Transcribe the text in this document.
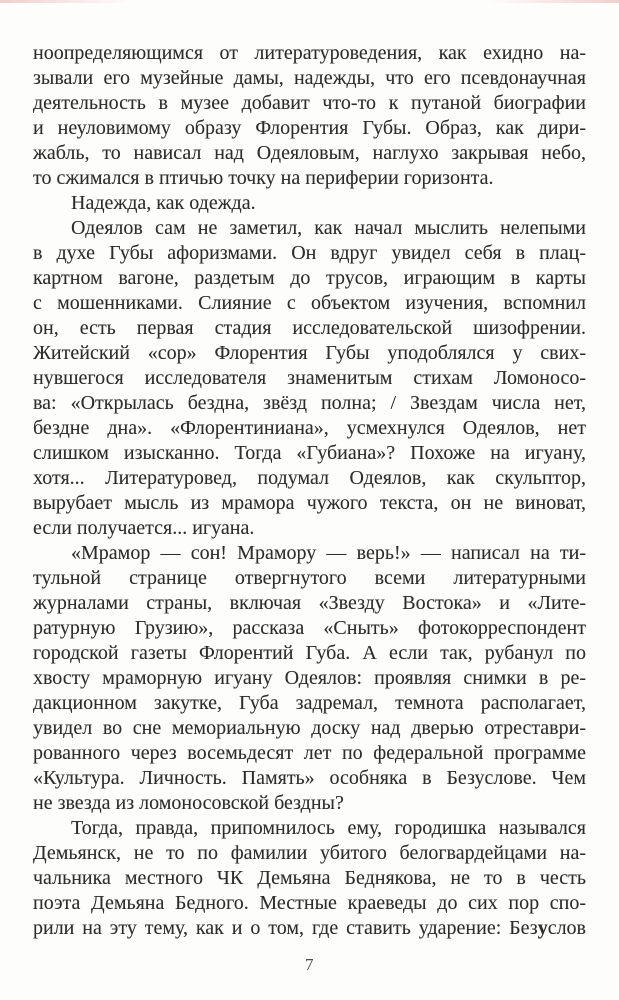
ноопределяющимся от литературоведения, как ехидно на-
зывали его музейные дамы, надежды, что его псевдонаучная
деятельность в музее добавит что-то к путаной биографии
и неуловимому образу Флорентия Губы. Образ, как дири-
жабль, то нависал над Одеяловым, наглухо закрывая небо,
то сжимался в птичью точку на периферии горизонта.
Надежда, как одежда.
Одеялов сам не заметил, как начал мыслить нелепыми
в духе Губы афоризмами. Он вдруг увидел себя в плац-
картном вагоне, раздетым до трусов, играющим в карты
с мошенниками. Слияние с объектом изучения, вспомнил
он, есть первая стадия исследовательской шизофрении.
Житейский «сор» Флорентия Губы уподоблялся у свих-
нувшегося исследователя знаменитым стихам Ломоносо-
ва: «Открылась бездна, звёзд полна; / Звездам числа нет,
бездне дна». «Флорентиниана», усмехнулся Одеялов, нет
слишком изысканно. Тогда «Губиана»? Похоже на игуану,
хотя... Литературовед, подумал Одеялов, как скульптор,
вырубает мысль из мрамора чужого текста, он не виноват,
если получается... игуана.
«Мрамор — сон! Мрамору — верь!» — написал на ти-
тульной странице отвергнутого всеми литературными
журналами страны, включая «Звезду Востока» и «Лите-
ратурную Грузию», рассказа «Сныть» фотокорреспондент
городской газеты Флорентий Губа. А если так, рубанул по
хвосту мраморную игуану Одеялов: проявляя снимки в ре-
дакционном закутке, Губа задремал, темнота располагает,
увидел во сне мемориальную доску над дверью отреставри-
рованного через восемьдесят лет по федеральной программе
«Культура. Личность. Память» особняка в Безуслове. Чем
не звезда из ломоносовской бездны?
Тогда, правда, припомнилось ему, городишка назывался
Демьянск, не то по фамилии убитого белогвардейцами на-
чальника местного ЧК Демьяна Беднякова, не то в честь
поэта Демьяна Бедного. Местные краеведы до сих пор спо-
рили на эту тему, как и о том, где ставить ударение: Безуслов
7
